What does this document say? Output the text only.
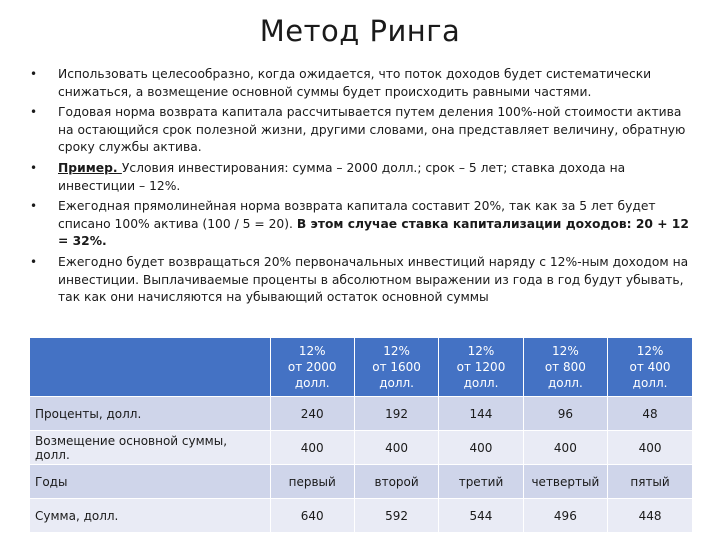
Метод Ринга
• Использовать целесообразно, когда ожидается, что поток доходов будет систематически снижаться, а возмещение основной суммы будет происходить равными частями.
• Годовая норма возврата капитала рассчитывается путем деления 100%-ной стоимости актива на остающийся срок полезной жизни, другими словами, она представляет величину, обратную сроку службы актива.
• Пример. Условия инвестирования: сумма – 2000 долл.; срок – 5 лет; ставка дохода на инвестиции – 12%.
• Ежегодная прямолинейная норма возврата капитала составит 20%, так как за 5 лет будет списано 100% актива (100 / 5 = 20). В этом случае ставка капитализации доходов: 20 + 12 = 32%.
• Ежегодно будет возвращаться 20% первоначальных инвестиций наряду с 12%-ным доходом на инвестиции. Выплачиваемые проценты в абсолютном выражении из года в год будут убывать, так как они начисляются на убывающий остаток основной суммы

	12%
от 2000
долл.	12%
от 1600
долл.	12%
от 1200
долл.	12%
от 800
долл.	12%
от 400
долл.

Проценты, долл.	240	192	144	96	48
Возмещение основной суммы, долл.	400	400	400	400	400
Годы	первый	второй	третий	четвертый	пятый
Сумма, долл.	640	592	544	496	448
